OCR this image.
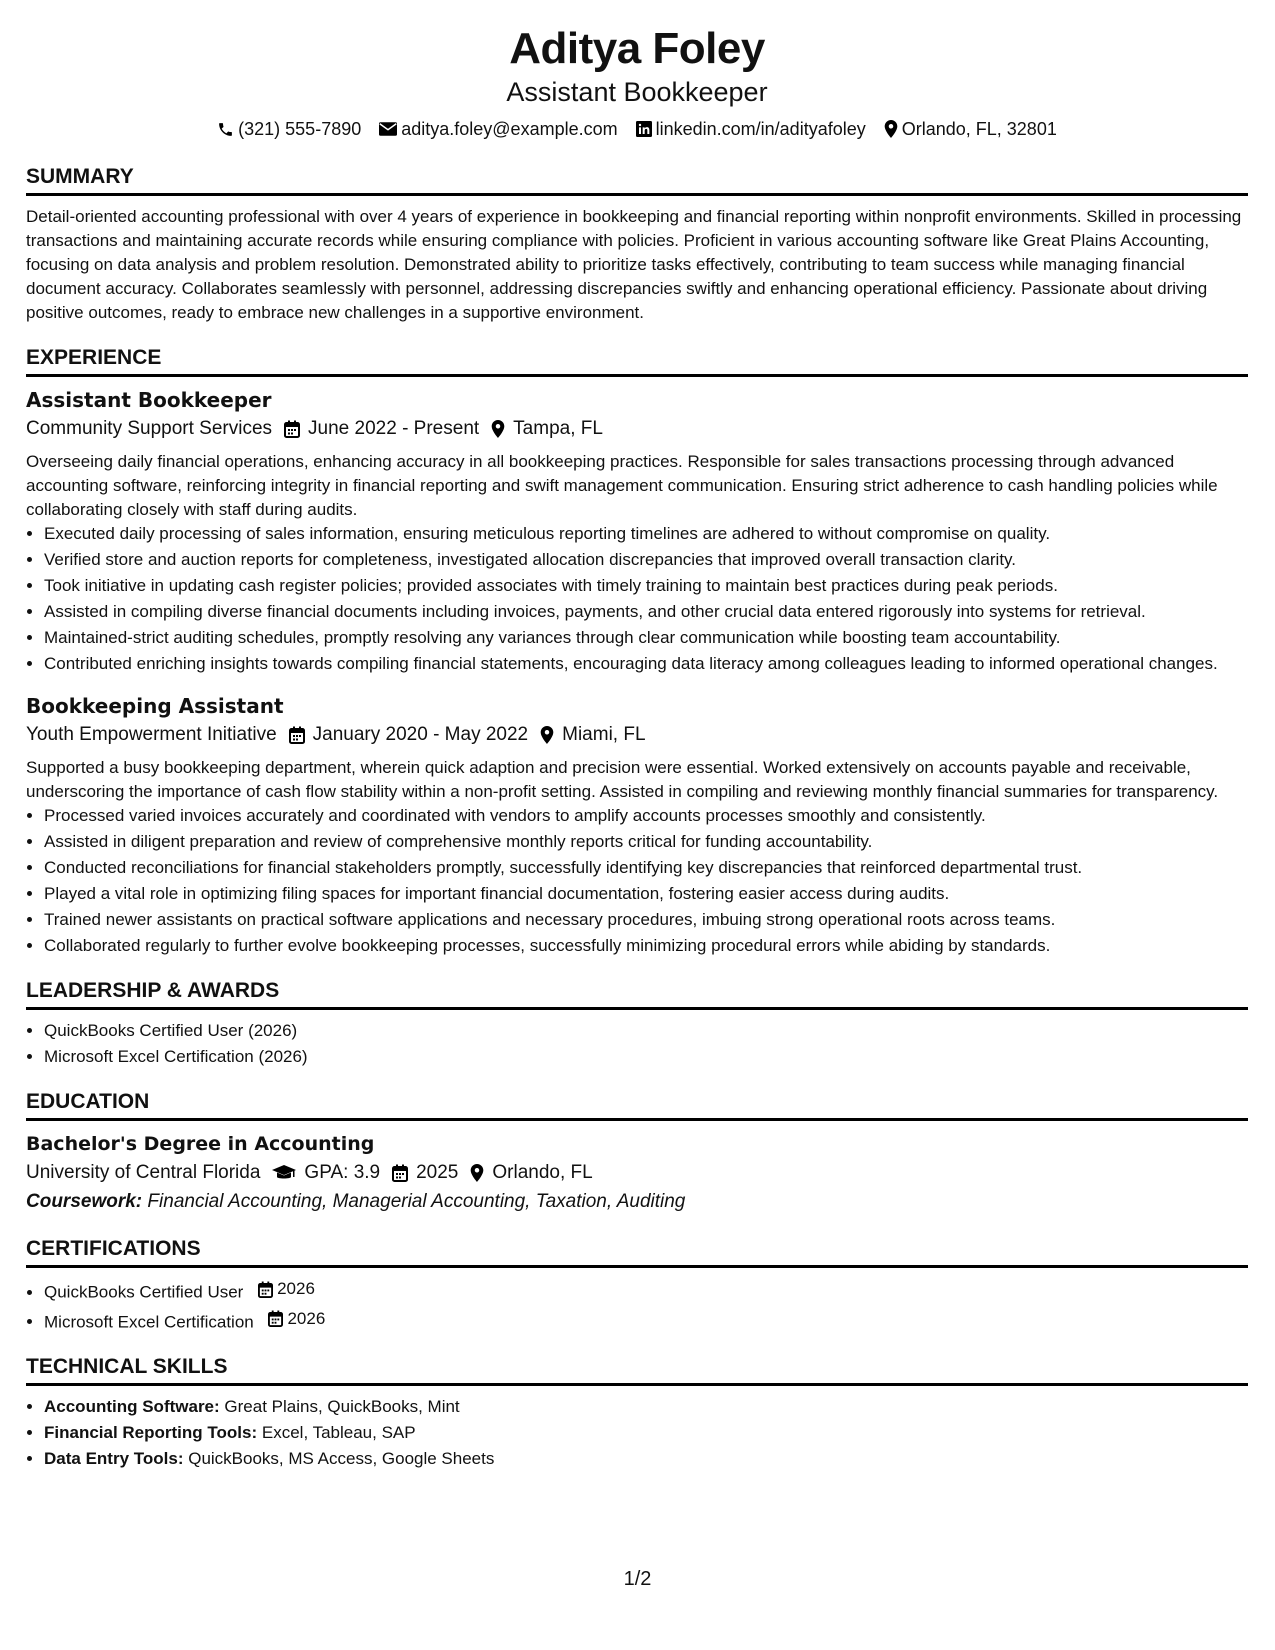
Aditya Foley
Assistant Bookkeeper
(321) 555-7890 aditya.foley@example.com linkedin.com/in/adityafoley Orlando, FL, 32801
SUMMARY
Detail-oriented accounting professional with over 4 years of experience in bookkeeping and financial reporting within nonprofit environments. Skilled in processing transactions and maintaining accurate records while ensuring compliance with policies. Proficient in various accounting software like Great Plains Accounting, focusing on data analysis and problem resolution. Demonstrated ability to prioritize tasks effectively, contributing to team success while managing financial document accuracy. Collaborates seamlessly with personnel, addressing discrepancies swiftly and enhancing operational efficiency. Passionate about driving positive outcomes, ready to embrace new challenges in a supportive environment.
EXPERIENCE
Assistant Bookkeeper
Community Support Services June 2022 - Present Tampa, FL
Overseeing daily financial operations, enhancing accuracy in all bookkeeping practices. Responsible for sales transactions processing through advanced accounting software, reinforcing integrity in financial reporting and swift management communication. Ensuring strict adherence to cash handling policies while collaborating closely with staff during audits.
• Executed daily processing of sales information, ensuring meticulous reporting timelines are adhered to without compromise on quality.
• Verified store and auction reports for completeness, investigated allocation discrepancies that improved overall transaction clarity.
• Took initiative in updating cash register policies; provided associates with timely training to maintain best practices during peak periods.
• Assisted in compiling diverse financial documents including invoices, payments, and other crucial data entered rigorously into systems for retrieval.
• Maintained-strict auditing schedules, promptly resolving any variances through clear communication while boosting team accountability.
• Contributed enriching insights towards compiling financial statements, encouraging data literacy among colleagues leading to informed operational changes.
Bookkeeping Assistant
Youth Empowerment Initiative January 2020 - May 2022 Miami, FL
Supported a busy bookkeeping department, wherein quick adaption and precision were essential. Worked extensively on accounts payable and receivable, underscoring the importance of cash flow stability within a non-profit setting. Assisted in compiling and reviewing monthly financial summaries for transparency.
• Processed varied invoices accurately and coordinated with vendors to amplify accounts processes smoothly and consistently.
• Assisted in diligent preparation and review of comprehensive monthly reports critical for funding accountability.
• Conducted reconciliations for financial stakeholders promptly, successfully identifying key discrepancies that reinforced departmental trust.
• Played a vital role in optimizing filing spaces for important financial documentation, fostering easier access during audits.
• Trained newer assistants on practical software applications and necessary procedures, imbuing strong operational roots across teams.
• Collaborated regularly to further evolve bookkeeping processes, successfully minimizing procedural errors while abiding by standards.
LEADERSHIP & AWARDS
• QuickBooks Certified User (2026)
• Microsoft Excel Certification (2026)
EDUCATION
Bachelor's Degree in Accounting
University of Central Florida GPA: 3.9 2025 Orlando, FL
Coursework: Financial Accounting, Managerial Accounting, Taxation, Auditing
CERTIFICATIONS
• QuickBooks Certified User 2026
• Microsoft Excel Certification 2026
TECHNICAL SKILLS
• Accounting Software: Great Plains, QuickBooks, Mint
• Financial Reporting Tools: Excel, Tableau, SAP
• Data Entry Tools: QuickBooks, MS Access, Google Sheets
1/2
